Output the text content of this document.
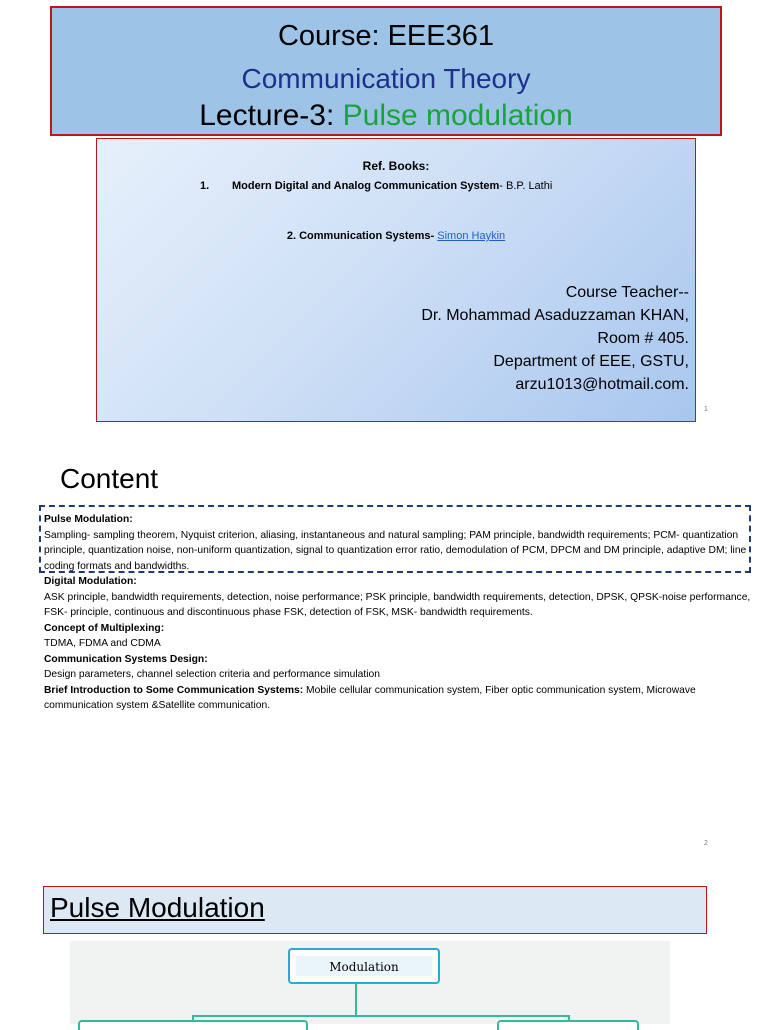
Course: EEE361
Communication Theory
Lecture-3: Pulse modulation
Ref. Books:
1. Modern Digital and Analog Communication System- B.P. Lathi
2. Communication Systems- Simon Haykin
Course Teacher--
Dr. Mohammad Asaduzzaman KHAN,
Room # 405.
Department of EEE, GSTU,
arzu1013@hotmail.com.
1
Content
Pulse Modulation:
Sampling- sampling theorem, Nyquist criterion, aliasing, instantaneous and natural sampling; PAM principle, bandwidth requirements; PCM- quantization principle, quantization noise, non-uniform quantization, signal to quantization error ratio, demodulation of PCM, DPCM and DM principle, adaptive DM; line coding formats and bandwidths.
Digital Modulation:
ASK principle, bandwidth requirements, detection, noise performance; PSK principle, bandwidth requirements, detection, DPSK, QPSK-noise performance, FSK- principle, continuous and discontinuous phase FSK, detection of FSK, MSK- bandwidth requirements.
Concept of Multiplexing:
TDMA, FDMA and CDMA
Communication Systems Design:
Design parameters, channel selection criteria and performance simulation
Brief Introduction to Some Communication Systems: Mobile cellular communication system, Fiber optic communication system, Microwave communication system &Satellite communication.
2
Pulse Modulation
Modulation
